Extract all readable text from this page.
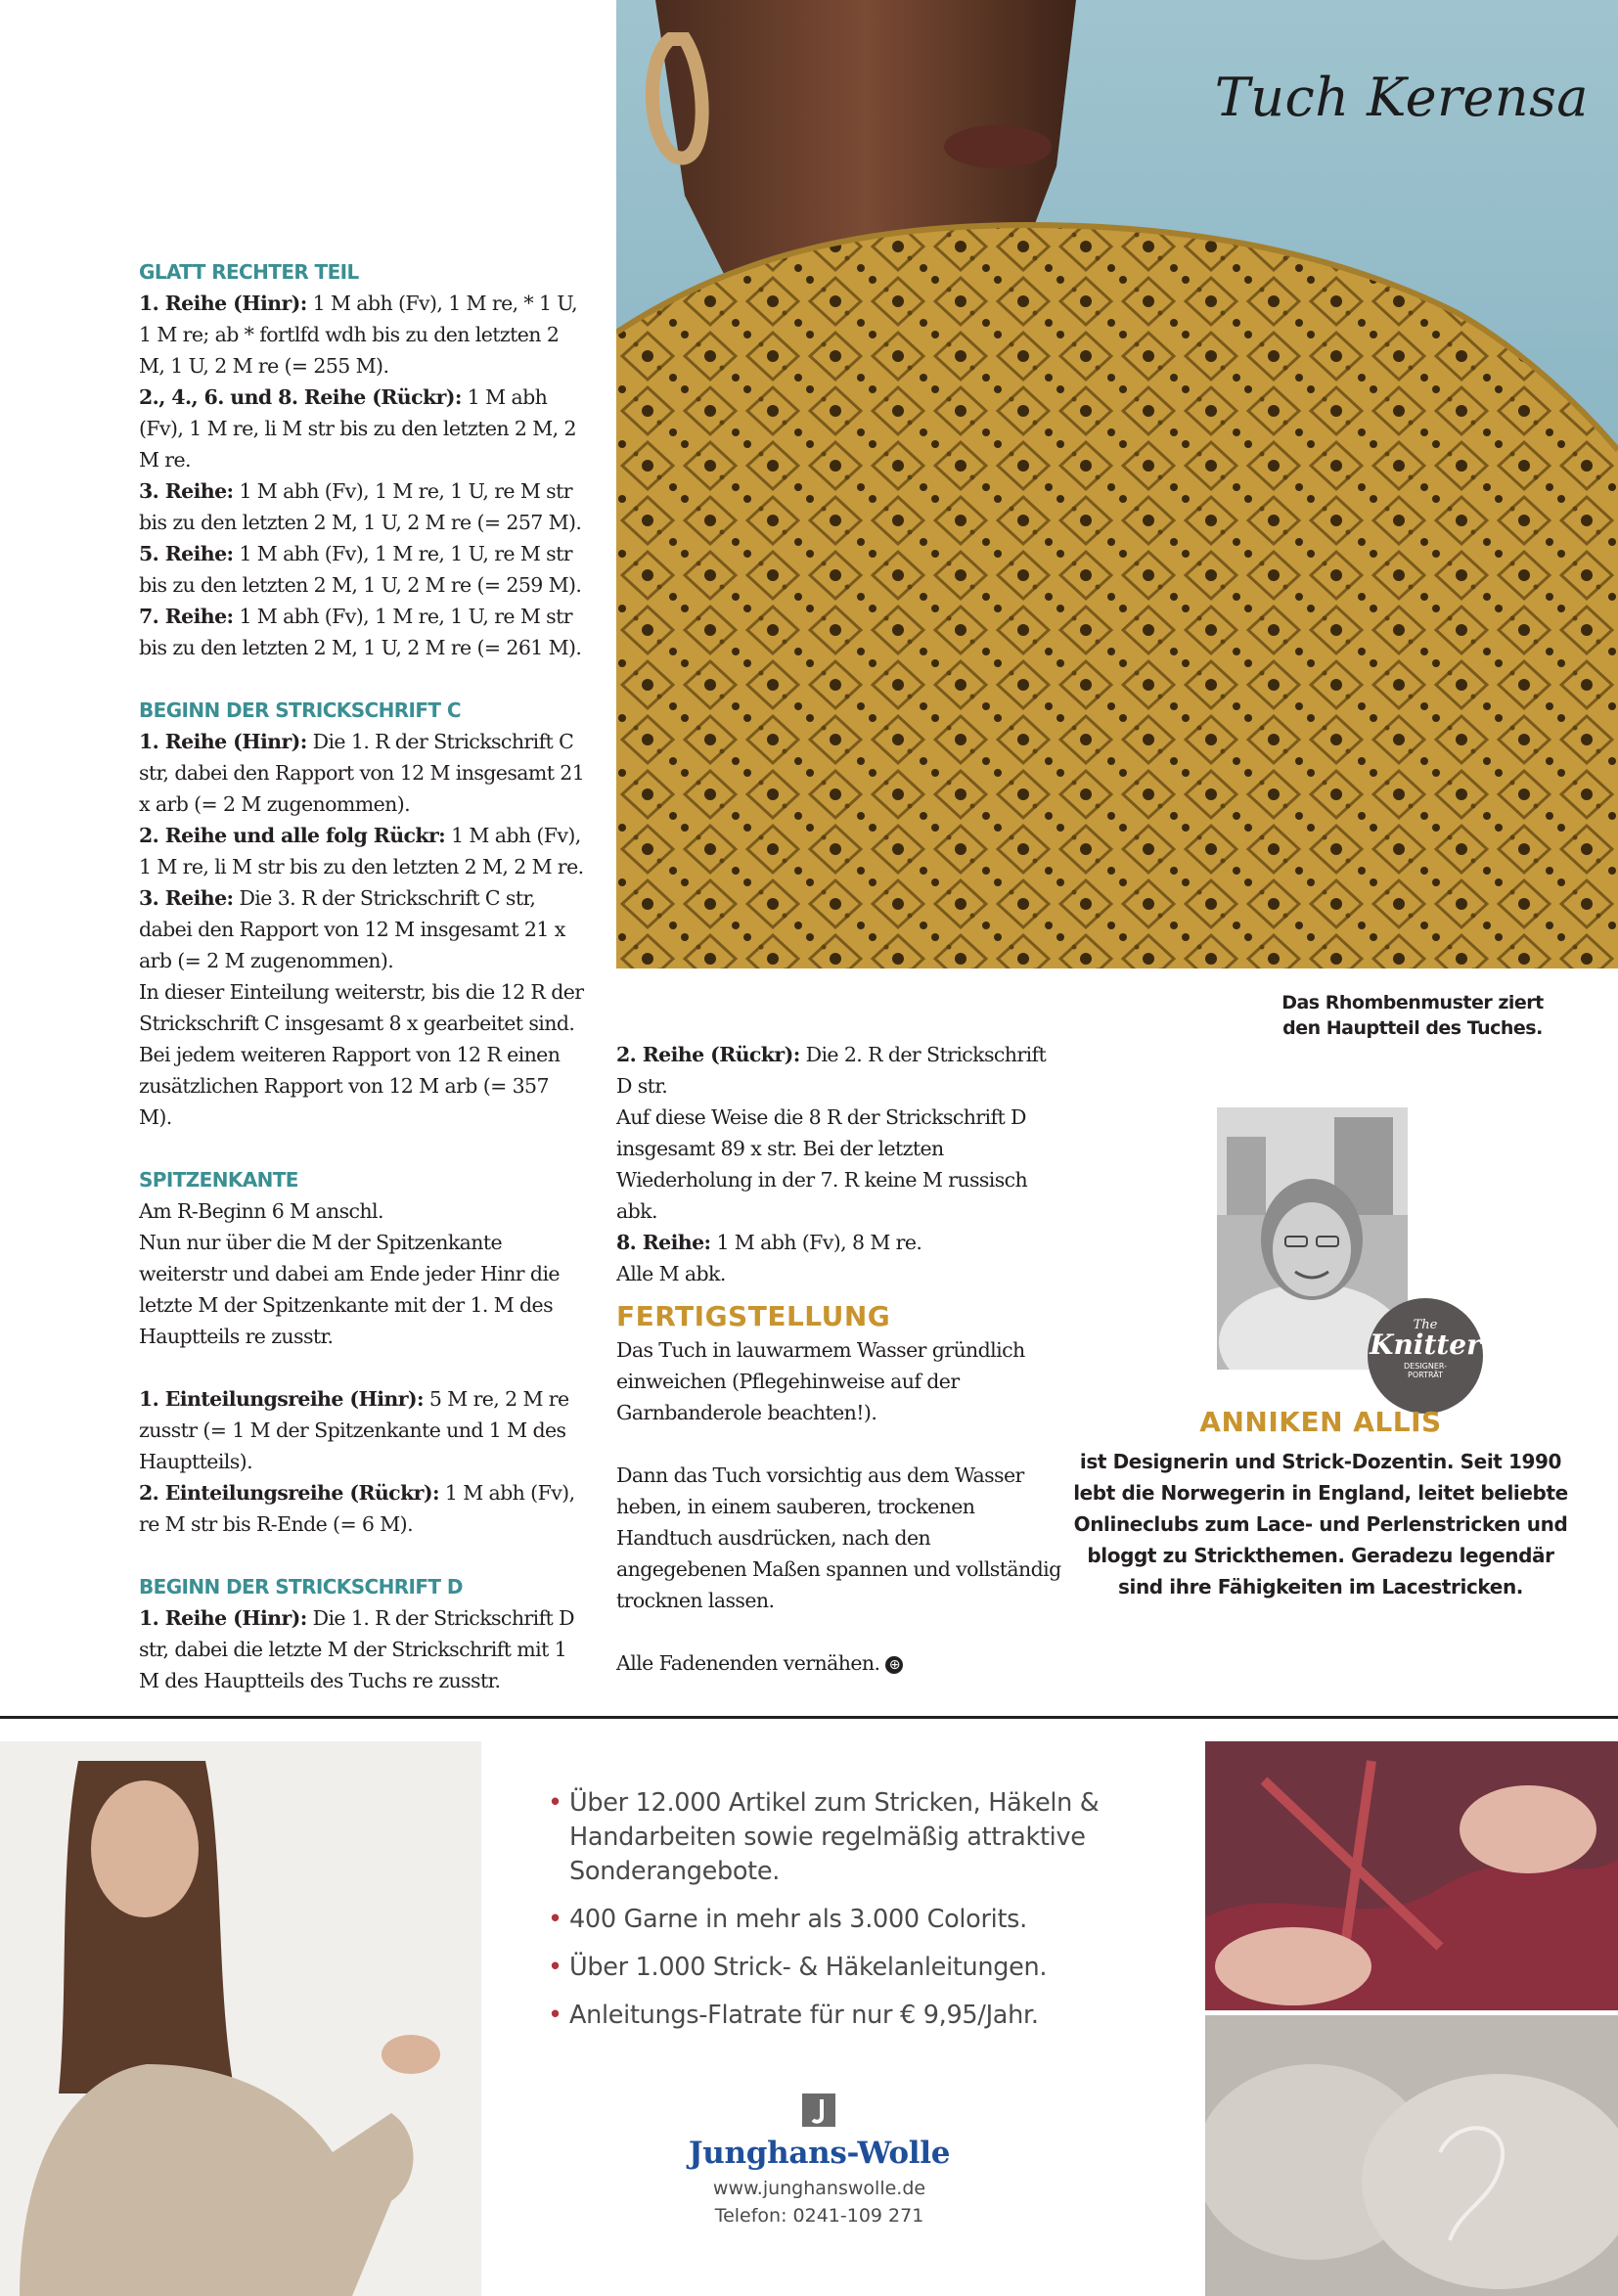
GLATT RECHTER TEIL

1. Reihe (Hinr): 1 M abh (Fv), 1 M re, * 1 U, 1 M re; ab * fortlfd wdh bis zu den letzten 2 M, 1 U, 2 M re (= 255 M).

2., 4., 6. und 8. Reihe (Rückr): 1 M abh (Fv), 1 M re, li M str bis zu den letzten 2 M, 2 M re.

3. Reihe: 1 M abh (Fv), 1 M re, 1 U, re M str bis zu den letzten 2 M, 1 U, 2 M re (= 257 M).

5. Reihe: 1 M abh (Fv), 1 M re, 1 U, re M str bis zu den letzten 2 M, 1 U, 2 M re (= 259 M).

7. Reihe: 1 M abh (Fv), 1 M re, 1 U, re M str bis zu den letzten 2 M, 1 U, 2 M re (= 261 M).

BEGINN DER STRICKSCHRIFT C

1. Reihe (Hinr): Die 1. R der Strickschrift C str, dabei den Rapport von 12 M insgesamt 21 x arb (= 2 M zugenommen).

2. Reihe und alle folg Rückr: 1 M abh (Fv), 1 M re, li M str bis zu den letzten 2 M, 2 M re.

3. Reihe: Die 3. R der Strickschrift C str, dabei den Rapport von 12 M insgesamt 21 x arb (= 2 M zugenommen).

In dieser Einteilung weiterstr, bis die 12 R der Strickschrift C insgesamt 8 x gearbeitet sind. Bei jedem weiteren Rapport von 12 R einen zusätzlichen Rapport von 12 M arb (= 357 M).

SPITZENKANTE

Am R-Beginn 6 M anschl.

Nun nur über die M der Spitzenkante weiterstr und dabei am Ende jeder Hinr die letzte M der Spitzenkante mit der 1. M des Hauptteils re zusstr.

1. Einteilungsreihe (Hinr): 5 M re, 2 M re zusstr (= 1 M der Spitzenkante und 1 M des Hauptteils).

2. Einteilungsreihe (Rückr): 1 M abh (Fv), re M str bis R-Ende (= 6 M).

BEGINN DER STRICKSCHRIFT D

1. Reihe (Hinr): Die 1. R der Strickschrift D str, dabei die letzte M der Strickschrift mit 1 M des Hauptteils des Tuchs re zusstr.

2. Reihe (Rückr): Die 2. R der Strickschrift D str.

Auf diese Weise die 8 R der Strickschrift D insgesamt 89 x str. Bei der letzten Wiederholung in der 7. R keine M russisch abk.

8. Reihe: 1 M abh (Fv), 8 M re.

Alle M abk.

FERTIGSTELLUNG

Das Tuch in lauwarmem Wasser gründlich einweichen (Pflegehinweise auf der Garnbanderole beachten!).

Dann das Tuch vorsichtig aus dem Wasser heben, in einem sauberen, trockenen Handtuch ausdrücken, nach den angegebenen Maßen spannen und vollständig trocknen lassen.

Alle Fadenenden vernähen. ⊕

Tuch Kerensa
Das Rhombenmuster ziert den Hauptteil des Tuches.
The
Knitter
DESIGNER-
PORTRÄT
ANNIKEN ALLIS
ist Designerin und Strick-Dozentin. Seit 1990 lebt die Norwegerin in England, leitet beliebte Onlineclubs zum Lace- und Perlenstricken und bloggt zu Strickthemen. Geradezu legendär sind ihre Fähigkeiten im Lacestricken.
• Über 12.000 Artikel zum Stricken, Häkeln & Handarbeiten sowie regelmäßig attraktive Sonderangebote.
• 400 Garne in mehr als 3.000 Colorits.
• Über 1.000 Strick- & Häkelanleitungen.
• Anleitungs-Flatrate für nur € 9,95/Jahr.
Junghans-Wolle
www.junghanswolle.de
Telefon: 0241-109 271
